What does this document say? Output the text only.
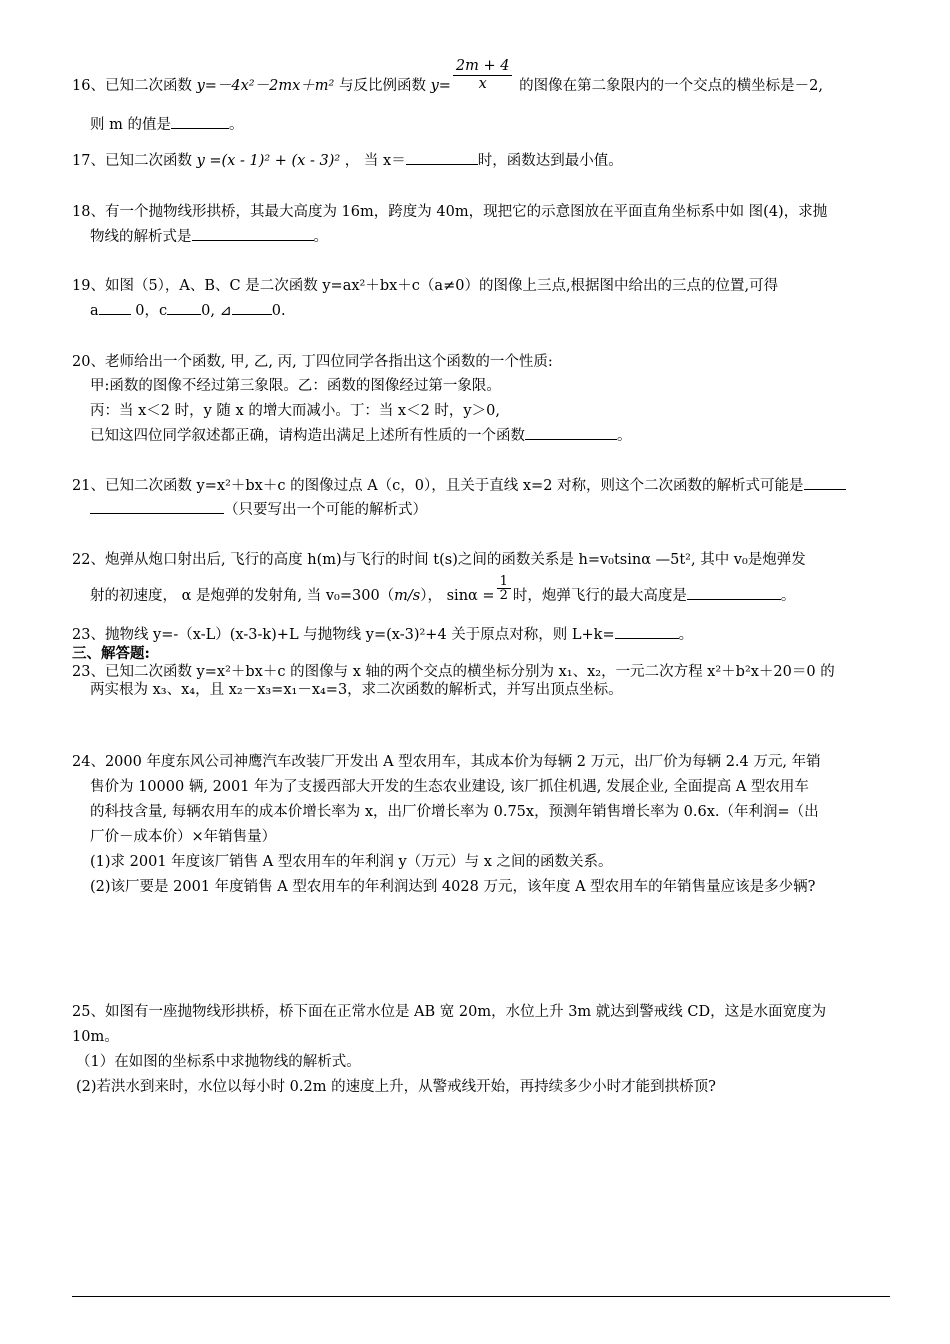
16、已知二次函数 y=－4x²－2mx＋m² 与反比例函数 $y= \frac{2m + 4}{x}$ 的图像在第二象限内的一个交点的横坐标是－2,
则 m 的值是	。
17、已知二次函数 y =(x - 1)² + (x - 3)² ， 当 x＝	时，函数达到最小值。
18、有一个抛物线形拱桥，其最大高度为 16m，跨度为 40m，现把它的示意图放在平面直角坐标系中如 图(4)，求抛
物线的解析式是	。
19、如图（5），A、B、C 是二次函数 y=ax²＋bx＋c（a≠0）的图像上三点,根据图中给出的三点的位置,可得
a 0，c 0, ⊿	0.
20、老师给出一个函数, 甲, 乙, 丙, 丁四位同学各指出这个函数的一个性质:
甲:函数的图像不经过第三象限。乙：函数的图像经过第一象限。
丙：当 x＜2 时，y 随 x 的增大而减小。丁：当 x＜2 时，y＞0,
已知这四位同学叙述都正确，请构造出满足上述所有性质的一个函数	。
21、已知二次函数 y=x²＋bx＋c 的图像过点 A（c，0），且关于直线 x=2 对称，则这个二次函数的解析式可能是
（只要写出一个可能的解析式）
22、炮弹从炮口射出后, 飞行的高度 h(m)与飞行的时间 t(s)之间的函数关系是 h=v₀tsinα —5t², 其中 v₀是炮弹发
射的初速度， α 是炮弹的发射角, 当 v₀=300（m/s）， $\sin\alpha = \frac{1}{2}$ 时，炮弹飞行的最大高度是	。
23、抛物线 y=-（x-L）(x-3-k)+L 与抛物线 y=(x-3)²+4 关于原点对称，则 L+k=	。
三、解答题:
23、已知二次函数 y=x²＋bx＋c 的图像与 x 轴的两个交点的横坐标分别为 x₁、x₂，一元二次方程 x²＋b²x＋20＝0 的
两实根为 x₃、x₄，且 x₂－x₃=x₁－x₄=3，求二次函数的解析式，并写出顶点坐标。
24、2000 年度东风公司神鹰汽车改装厂开发出 A 型农用车，其成本价为每辆 2 万元，出厂价为每辆 2.4 万元, 年销
售价为 10000 辆, 2001 年为了支援西部大开发的生态农业建设, 该厂抓住机遇, 发展企业, 全面提高 A 型农用车
的科技含量, 每辆农用车的成本价增长率为 x，出厂价增长率为 0.75x，预测年销售增长率为 0.6x.（年利润=（出
厂价－成本价）×年销售量）
(1)求 2001 年度该厂销售 A 型农用车的年利润 y（万元）与 x 之间的函数关系。
(2)该厂要是 2001 年度销售 A 型农用车的年利润达到 4028 万元，该年度 A 型农用车的年销售量应该是多少辆?
25、如图有一座抛物线形拱桥，桥下面在正常水位是 AB 宽 20m，水位上升 3m 就达到警戒线 CD，这是水面宽度为
10m。
（1）在如图的坐标系中求抛物线的解析式。
(2)若洪水到来时，水位以每小时 0.2m 的速度上升，从警戒线开始，再持续多少小时才能到拱桥顶?
